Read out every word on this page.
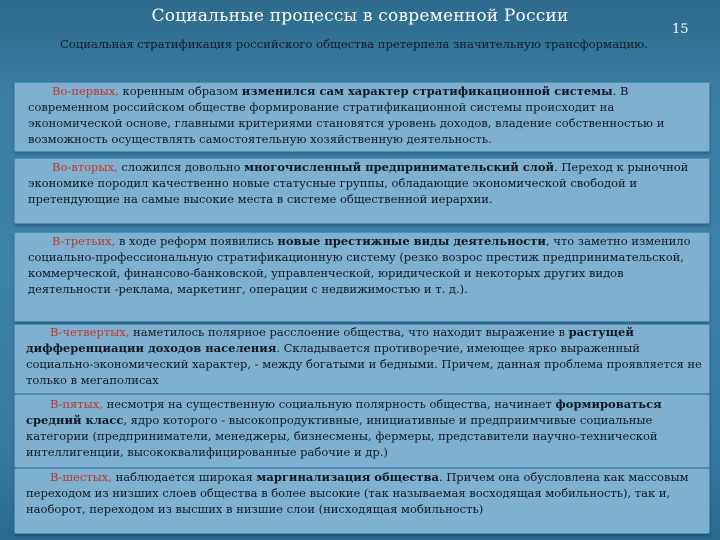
Социальные процессы в современной России
15
Социальная стратификация российского общества претерпела значительную трансформацию.
Во-первых, коренным образом изменился сам характер стратификационной системы. В современном российском обществе формирование стратификационной системы происходит на экономической основе, главными критериями становятся уровень доходов, владение собственностью и возможность осуществлять самостоятельную хозяйственную деятельность.
Во-вторых, сложился довольно многочисленный предпринимательский слой. Переход к рыночной экономике породил качественно новые статусные группы, обладающие экономической свободой и претендующие на самые высокие места в системе общественной иерархии.
В-третьих, в ходе реформ появились новые престижные виды деятельности, что заметно изменило социально-профессиональную стратификационную систему (резко возрос престиж предпринимательской, коммерческой, финансово-банковской, управленческой, юридической и некоторых других видов деятельности -реклама, маркетинг, операции с недвижимостью и т. д.).
В-четвертых, наметилось полярное расслоение общества, что находит выражение в растущей дифференциации доходов населения. Складывается противоречие, имеющее ярко выраженный социально-экономический характер, - между богатыми и бедными. Причем, данная проблема проявляется не только в мегаполисах
В-пятых, несмотря на существенную социальную полярность общества, начинает формироваться средний класс, ядро которого - высокопродуктивные, инициативные и предприимчивые социальные категории (предприниматели, менеджеры, бизнесмены, фермеры, представители научно-технической интеллигенции, высококвалифицированные рабочие и др.)
В-шестых, наблюдается широкая маргинализация общества. Причем она обусловлена как массовым переходом из низших слоев общества в более высокие (так называемая восходящая мобильность), так и, наоборот, переходом из высших в низшие слои (нисходящая мобильность)
